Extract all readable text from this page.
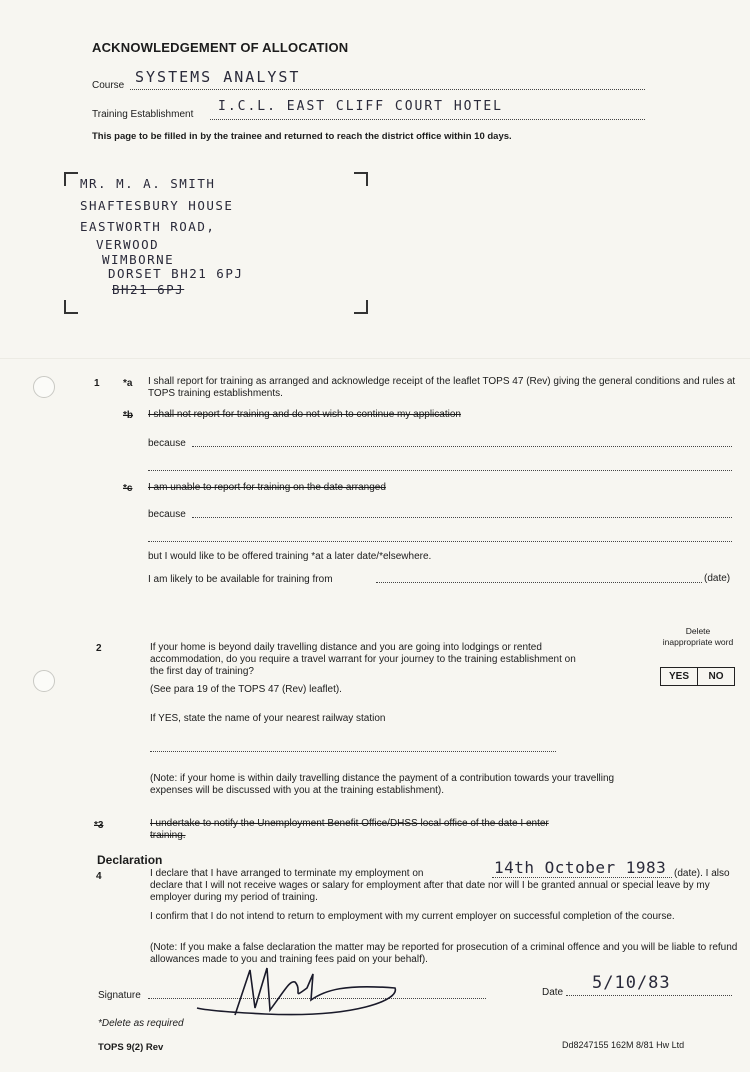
ACKNOWLEDGEMENT OF ALLOCATION
Course SYSTEMS ANALYST
Training Establishment
I.C.L. EAST CLIFF COURT HOTEL
This page to be filled in by the trainee and returned to reach the district office within 10 days.
MR. M. A. SMITH
SHAFTESBURY HOUSE
EASTWORTH ROAD,
VERWOOD
WIMBORNE
DORSET BH21 6PJ
BH21 6PJ
1 *a I shall report for training as arranged and acknowledge receipt of the leaflet TOPS 47 (Rev) giving the general conditions and rules at TOPS training establishments.
*b I shall not report for training and do not wish to continue my application
because
*c I am unable to report for training on the date arranged
because
but I would like to be offered training *at a later date/*elsewhere.
I am likely to be available for training from	(date)
Delete inappropriate word
2	If your home is beyond daily travelling distance and you are going into lodgings or rented accommodation, do you require a travel warrant for your journey to the training establishment on the first day of training?
(See para 19 of the TOPS 47 (Rev) leaflet).
YES	NO
If YES, state the name of your nearest railway station
(Note: if your home is within daily travelling distance the payment of a contribution towards your travelling expenses will be discussed with you at the training establishment).
*3	I undertake to notify the Unemployment Benefit Office/DHSS local office of the date I enter training.
Declaration
4	I declare that I have arranged to terminate my employment on	14th October 1983 (date). I also declare that I will not receive wages or salary for employment after that date nor will I be granted annual or special leave by my employer during my period of training.
I confirm that I do not intend to return to employment with my current employer on successful completion of the course.
(Note: If you make a false declaration the matter may be reported for prosecution of a criminal offence and you will be liable to refund allowances made to you and training fees paid on your behalf).
Signature	Date 5/10/83
*Delete as required
TOPS 9(2) Rev	Dd8247155 162M 8/81 Hw Ltd
